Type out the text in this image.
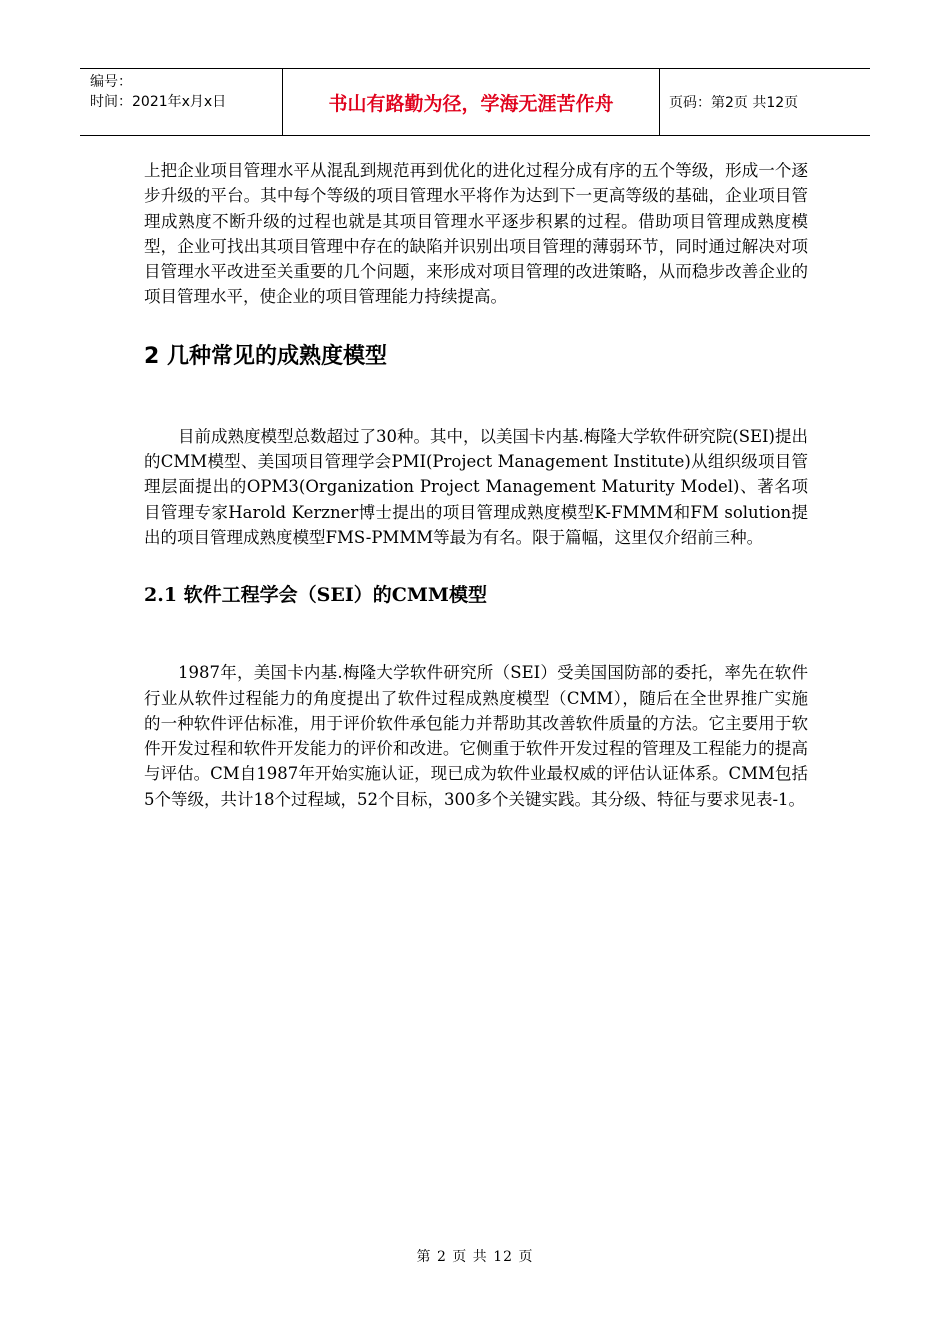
编号：
时间：2021年x月x日	书山有路勤为径，学海无涯苦作舟	页码：第2页 共12页

上把企业项目管理水平从混乱到规范再到优化的进化过程分成有序的五个等级，形成一个逐步升级的平台。其中每个等级的项目管理水平将作为达到下一更高等级的基础，企业项目管理成熟度不断升级的过程也就是其项目管理水平逐步积累的过程。借助项目管理成熟度模型，企业可找出其项目管理中存在的缺陷并识别出项目管理的薄弱环节，同时通过解决对项目管理水平改进至关重要的几个问题，来形成对项目管理的改进策略，从而稳步改善企业的项目管理水平，使企业的项目管理能力持续提高。

2 几种常见的成熟度模型

目前成熟度模型总数超过了30种。其中，以美国卡内基.梅隆大学软件研究院(SEI)提出的CMM模型、美国项目管理学会PMI(Project Management Institute)从组织级项目管理层面提出的OPM3(Organization Project Management Maturity Model)、著名项目管理专家Harold Kerzner博士提出的项目管理成熟度模型K-FMMM和FM solution提出的项目管理成熟度模型FMS-PMMM等最为有名。限于篇幅，这里仅介绍前三种。

2.1 软件工程学会（SEI）的CMM模型

1987年，美国卡内基.梅隆大学软件研究所（SEI）受美国国防部的委托，率先在软件行业从软件过程能力的角度提出了软件过程成熟度模型（CMM），随后在全世界推广实施的一种软件评估标准，用于评价软件承包能力并帮助其改善软件质量的方法。它主要用于软件开发过程和软件开发能力的评价和改进。它侧重于软件开发过程的管理及工程能力的提高与评估。CM自1987年开始实施认证，现已成为软件业最权威的评估认证体系。CMM包括5个等级，共计18个过程域，52个目标，300多个关键实践。其分级、特征与要求见表-1。

第 2 页 共 12 页
